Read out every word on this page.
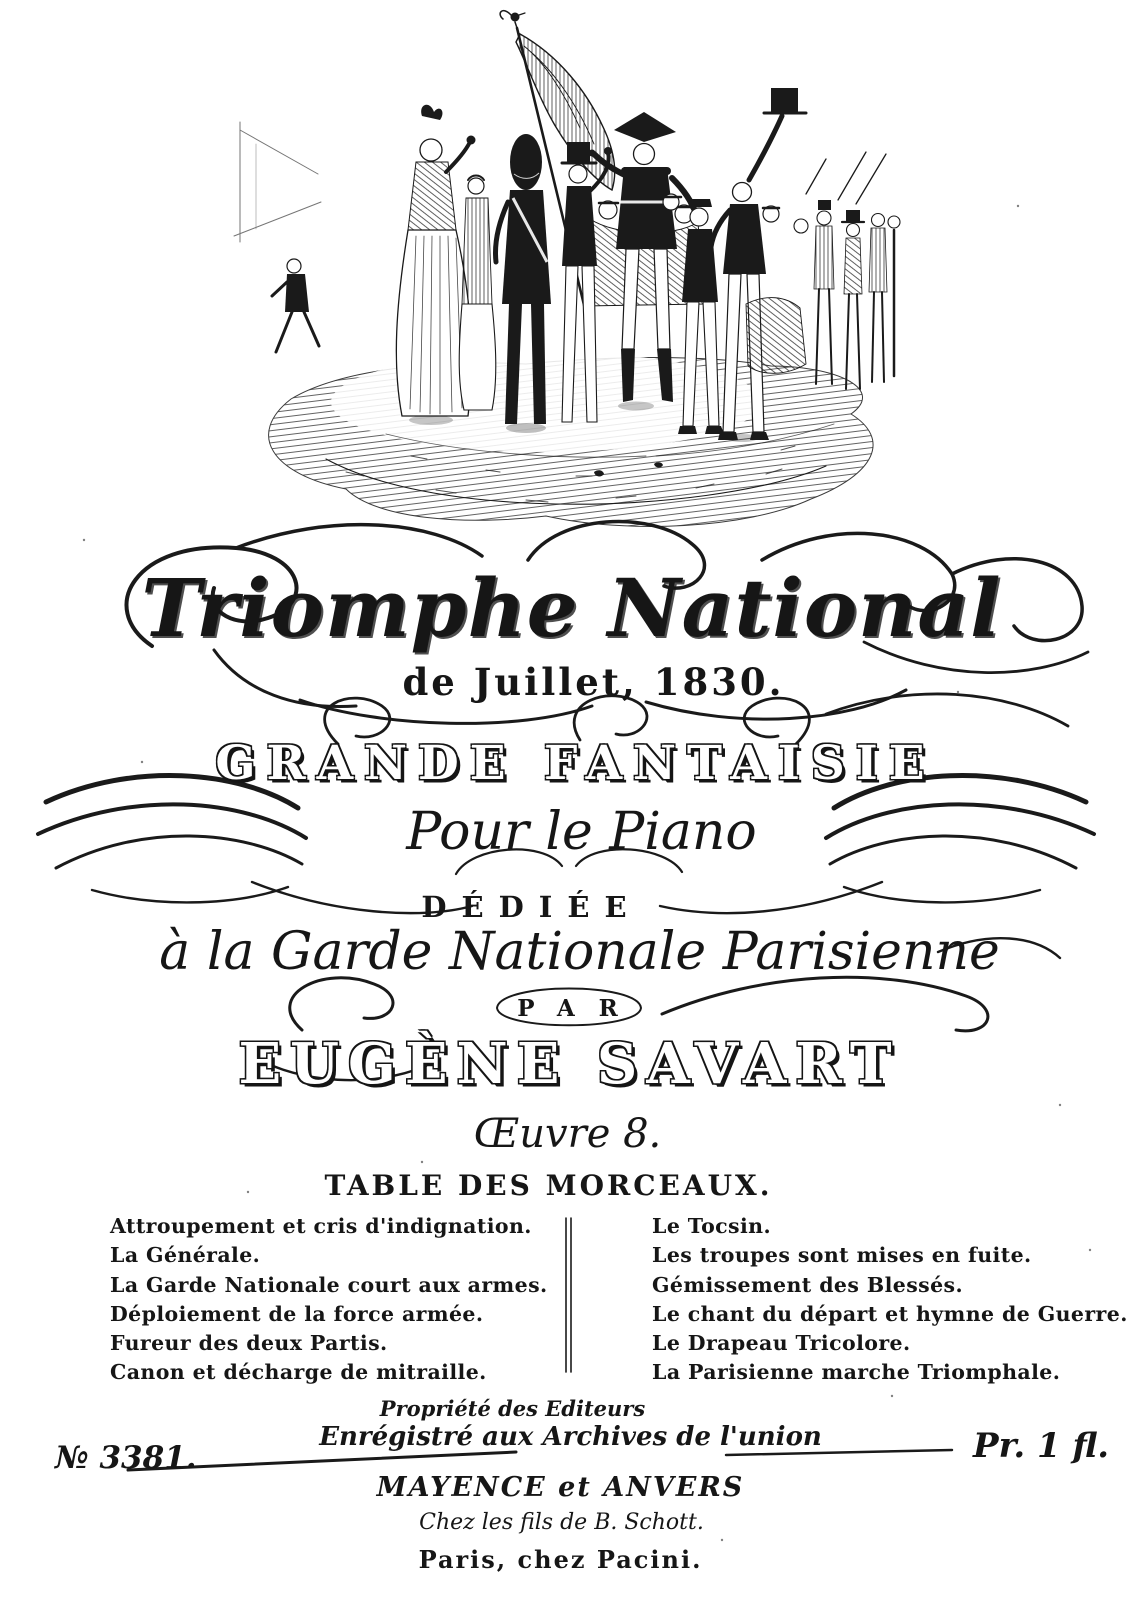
Triomphe National
de Juillet, 1830.
GRANDE FANTAISIE
Pour le Piano
DÉDIÉE
à la Garde Nationale Parisienne
PAR
EUGÈNE SAVART
Œuvre 8.
TABLE DES MORCEAUX.
Attroupement et cris d'indignation.
La Générale.
La Garde Nationale court aux armes.
Déploiement de la force armée.
Fureur des deux Partis.
Canon et décharge de mitraille.
Le Tocsin.
Les troupes sont mises en fuite.
Gémissement des Blessés.
Le chant du départ et hymne de Guerre.
Le Drapeau Tricolore.
La Parisienne marche Triomphale.
Propriété des Editeurs
Enrégistré aux Archives de l'union
№ 3381.	Pr. 1 fl.
MAYENCE et ANVERS
Chez les fils de B. Schott.
Paris, chez Pacini.
